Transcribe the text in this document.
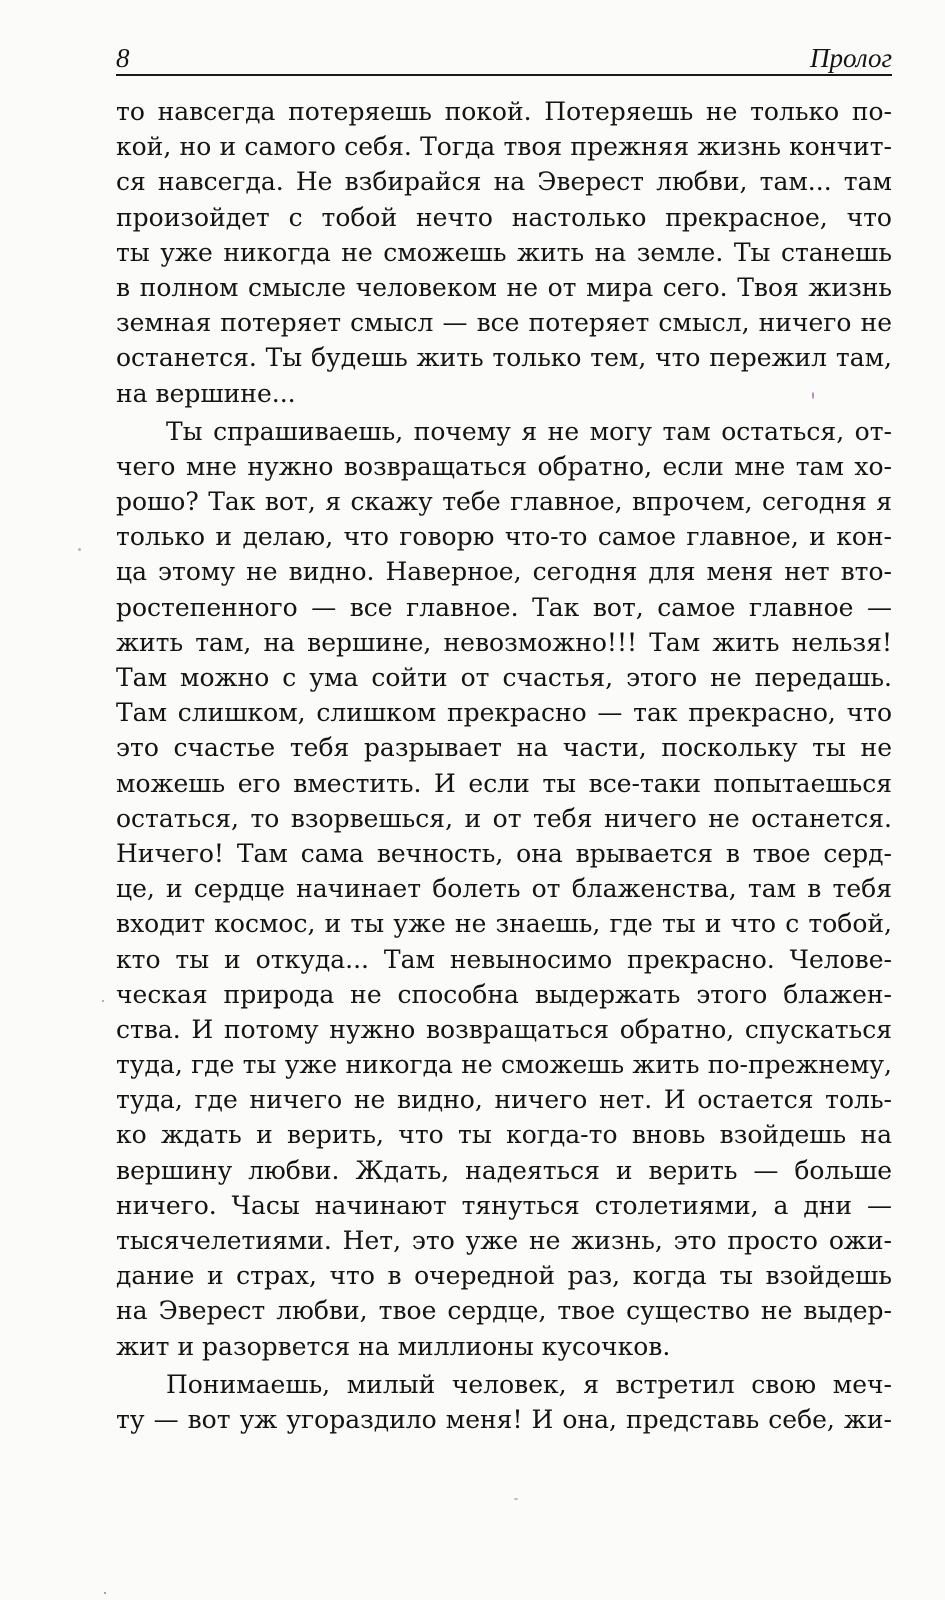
8	Пролог
то навсегда потеряешь покой. Потеряешь не только по-
кой, но и самого себя. Тогда твоя прежняя жизнь кончит-
ся навсегда. Не взбирайся на Эверест любви, там... там
произойдет с тобой нечто настолько прекрасное, что
ты уже никогда не сможешь жить на земле. Ты станешь
в полном смысле человеком не от мира сего. Твоя жизнь
земная потеряет смысл — все потеряет смысл, ничего не
останется. Ты будешь жить только тем, что пережил там,
на вершине...
Ты спрашиваешь, почему я не могу там остаться, от-
чего мне нужно возвращаться обратно, если мне там хо-
рошо? Так вот, я скажу тебе главное, впрочем, сегодня я
только и делаю, что говорю что-то самое главное, и кон-
ца этому не видно. Наверное, сегодня для меня нет вто-
ростепенного — все главное. Так вот, самое главное —
жить там, на вершине, невозможно!!! Там жить нельзя!
Там можно с ума сойти от счастья, этого не передашь.
Там слишком, слишком прекрасно — так прекрасно, что
это счастье тебя разрывает на части, поскольку ты не
можешь его вместить. И если ты все-таки попытаешься
остаться, то взорвешься, и от тебя ничего не останется.
Ничего! Там сама вечность, она врывается в твое серд-
це, и сердце начинает болеть от блаженства, там в тебя
входит космос, и ты уже не знаешь, где ты и что с тобой,
кто ты и откуда... Там невыносимо прекрасно. Челове-
ческая природа не способна выдержать этого блажен-
ства. И потому нужно возвращаться обратно, спускаться
туда, где ты уже никогда не сможешь жить по-прежнему,
туда, где ничего не видно, ничего нет. И остается толь-
ко ждать и верить, что ты когда-то вновь взойдешь на
вершину любви. Ждать, надеяться и верить — больше
ничего. Часы начинают тянуться столетиями, а дни —
тысячелетиями. Нет, это уже не жизнь, это просто ожи-
дание и страх, что в очередной раз, когда ты взойдешь
на Эверест любви, твое сердце, твое существо не выдер-
жит и разорвется на миллионы кусочков.
Понимаешь, милый человек, я встретил свою меч-
ту — вот уж угораздило меня! И она, представь себе, жи-
